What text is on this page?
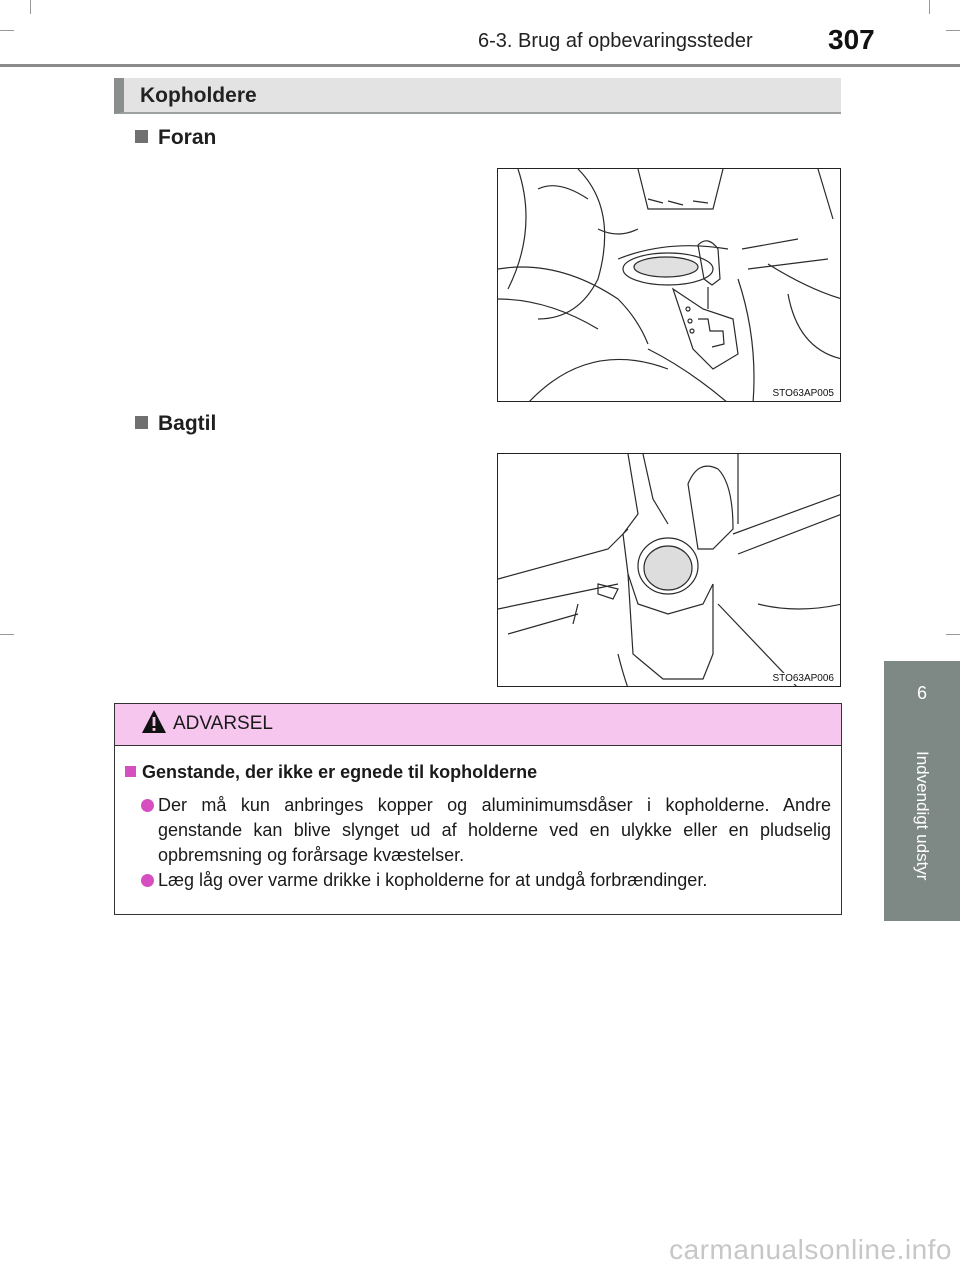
6-3. Brug af opbevaringssteder	307
6
Indvendigt udstyr
Kopholdere
Foran
STO63AP005
Bagtil
STO63AP006
ADVARSEL
Genstande, der ikke er egnede til kopholderne
Der må kun anbringes kopper og aluminimumsdåser i kopholderne. Andre genstande kan blive slynget ud af holderne ved en ulykke eller en pludselig opbremsning og forårsage kvæstelser.
Læg låg over varme drikke i kopholderne for at undgå forbrændinger.
carmanualsonline.info
